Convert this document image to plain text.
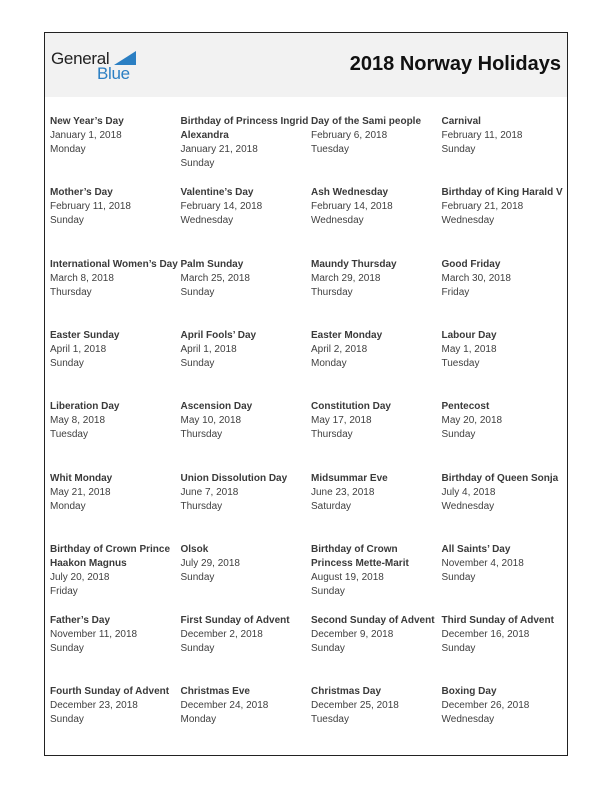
General
Blue	2018 Norway Holidays
New Year’s Day
January 1, 2018
Monday
Birthday of Princess Ingrid Alexandra
January 21, 2018
Sunday
Day of the Sami people
February 6, 2018
Tuesday
Carnival
February 11, 2018
Sunday
Mother’s Day
February 11, 2018
Sunday
Valentine’s Day
February 14, 2018
Wednesday
Ash Wednesday
February 14, 2018
Wednesday
Birthday of King Harald V
February 21, 2018
Wednesday
International Women’s Day
March 8, 2018
Thursday
Palm Sunday
March 25, 2018
Sunday
Maundy Thursday
March 29, 2018
Thursday
Good Friday
March 30, 2018
Friday
Easter Sunday
April 1, 2018
Sunday
April Fools’ Day
April 1, 2018
Sunday
Easter Monday
April 2, 2018
Monday
Labour Day
May 1, 2018
Tuesday
Liberation Day
May 8, 2018
Tuesday
Ascension Day
May 10, 2018
Thursday
Constitution Day
May 17, 2018
Thursday
Pentecost
May 20, 2018
Sunday
Whit Monday
May 21, 2018
Monday
Union Dissolution Day
June 7, 2018
Thursday
Midsummar Eve
June 23, 2018
Saturday
Birthday of Queen Sonja
July 4, 2018
Wednesday
Birthday of Crown Prince Haakon Magnus
July 20, 2018
Friday
Olsok
July 29, 2018
Sunday
Birthday of Crown Princess Mette-Marit
August 19, 2018
Sunday
All Saints’ Day
November 4, 2018
Sunday
Father’s Day
November 11, 2018
Sunday
First Sunday of Advent
December 2, 2018
Sunday
Second Sunday of Advent
December 9, 2018
Sunday
Third Sunday of Advent
December 16, 2018
Sunday
Fourth Sunday of Advent
December 23, 2018
Sunday
Christmas Eve
December 24, 2018
Monday
Christmas Day
December 25, 2018
Tuesday
Boxing Day
December 26, 2018
Wednesday
